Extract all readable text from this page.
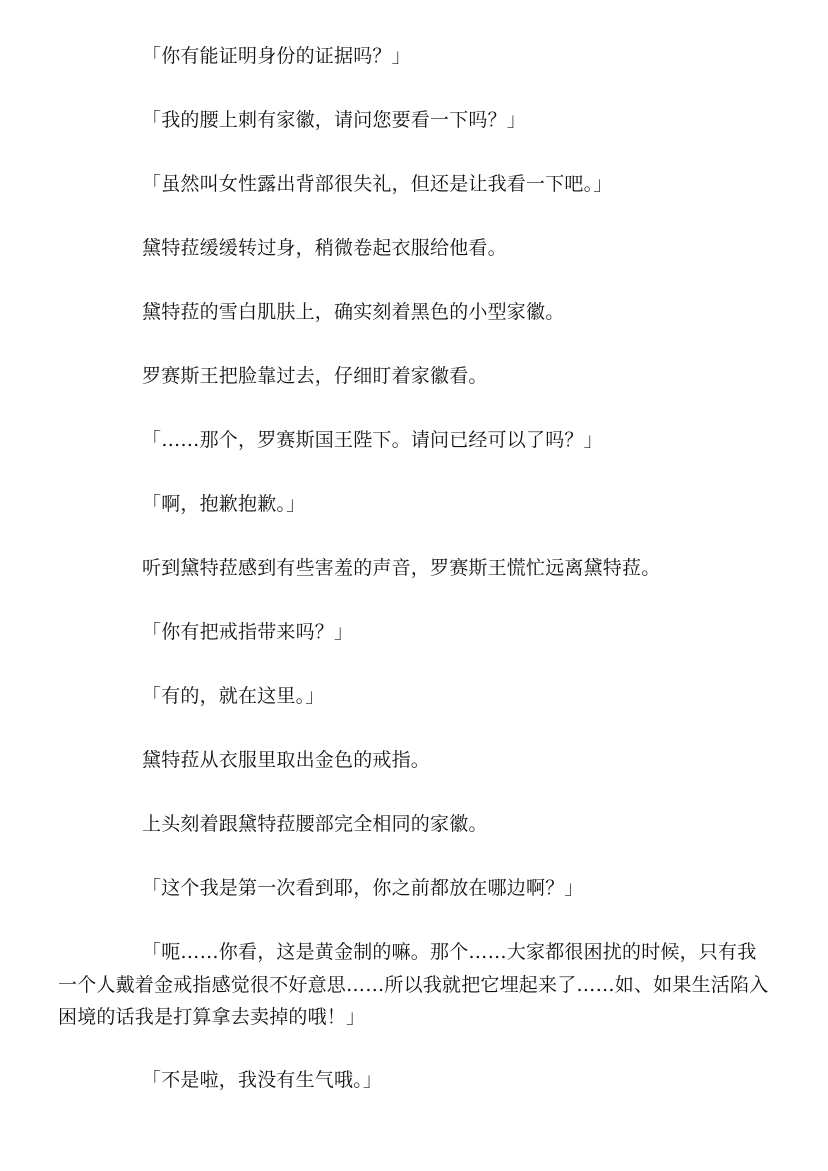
「你有能证明身份的证据吗？」

「我的腰上刺有家徽，请问您要看一下吗？」

「虽然叫女性露出背部很失礼，但还是让我看一下吧。」

黛特菈缓缓转过身，稍微卷起衣服给他看。

黛特菈的雪白肌肤上，确实刻着黑色的小型家徽。

罗赛斯王把脸靠过去，仔细盯着家徽看。

「……那个，罗赛斯国王陛下。请问已经可以了吗？」

「啊，抱歉抱歉。」

听到黛特菈感到有些害羞的声音，罗赛斯王慌忙远离黛特菈。

「你有把戒指带来吗？」

「有的，就在这里。」

黛特菈从衣服里取出金色的戒指。

上头刻着跟黛特菈腰部完全相同的家徽。

「这个我是第一次看到耶，你之前都放在哪边啊？」

「呃……你看，这是黄金制的嘛。那个……大家都很困扰的时候，只有我一个人戴着金戒指感觉很不好意思……所以我就把它埋起来了……如、如果生活陷入困境的话我是打算拿去卖掉的哦！」

「不是啦，我没有生气哦。」
